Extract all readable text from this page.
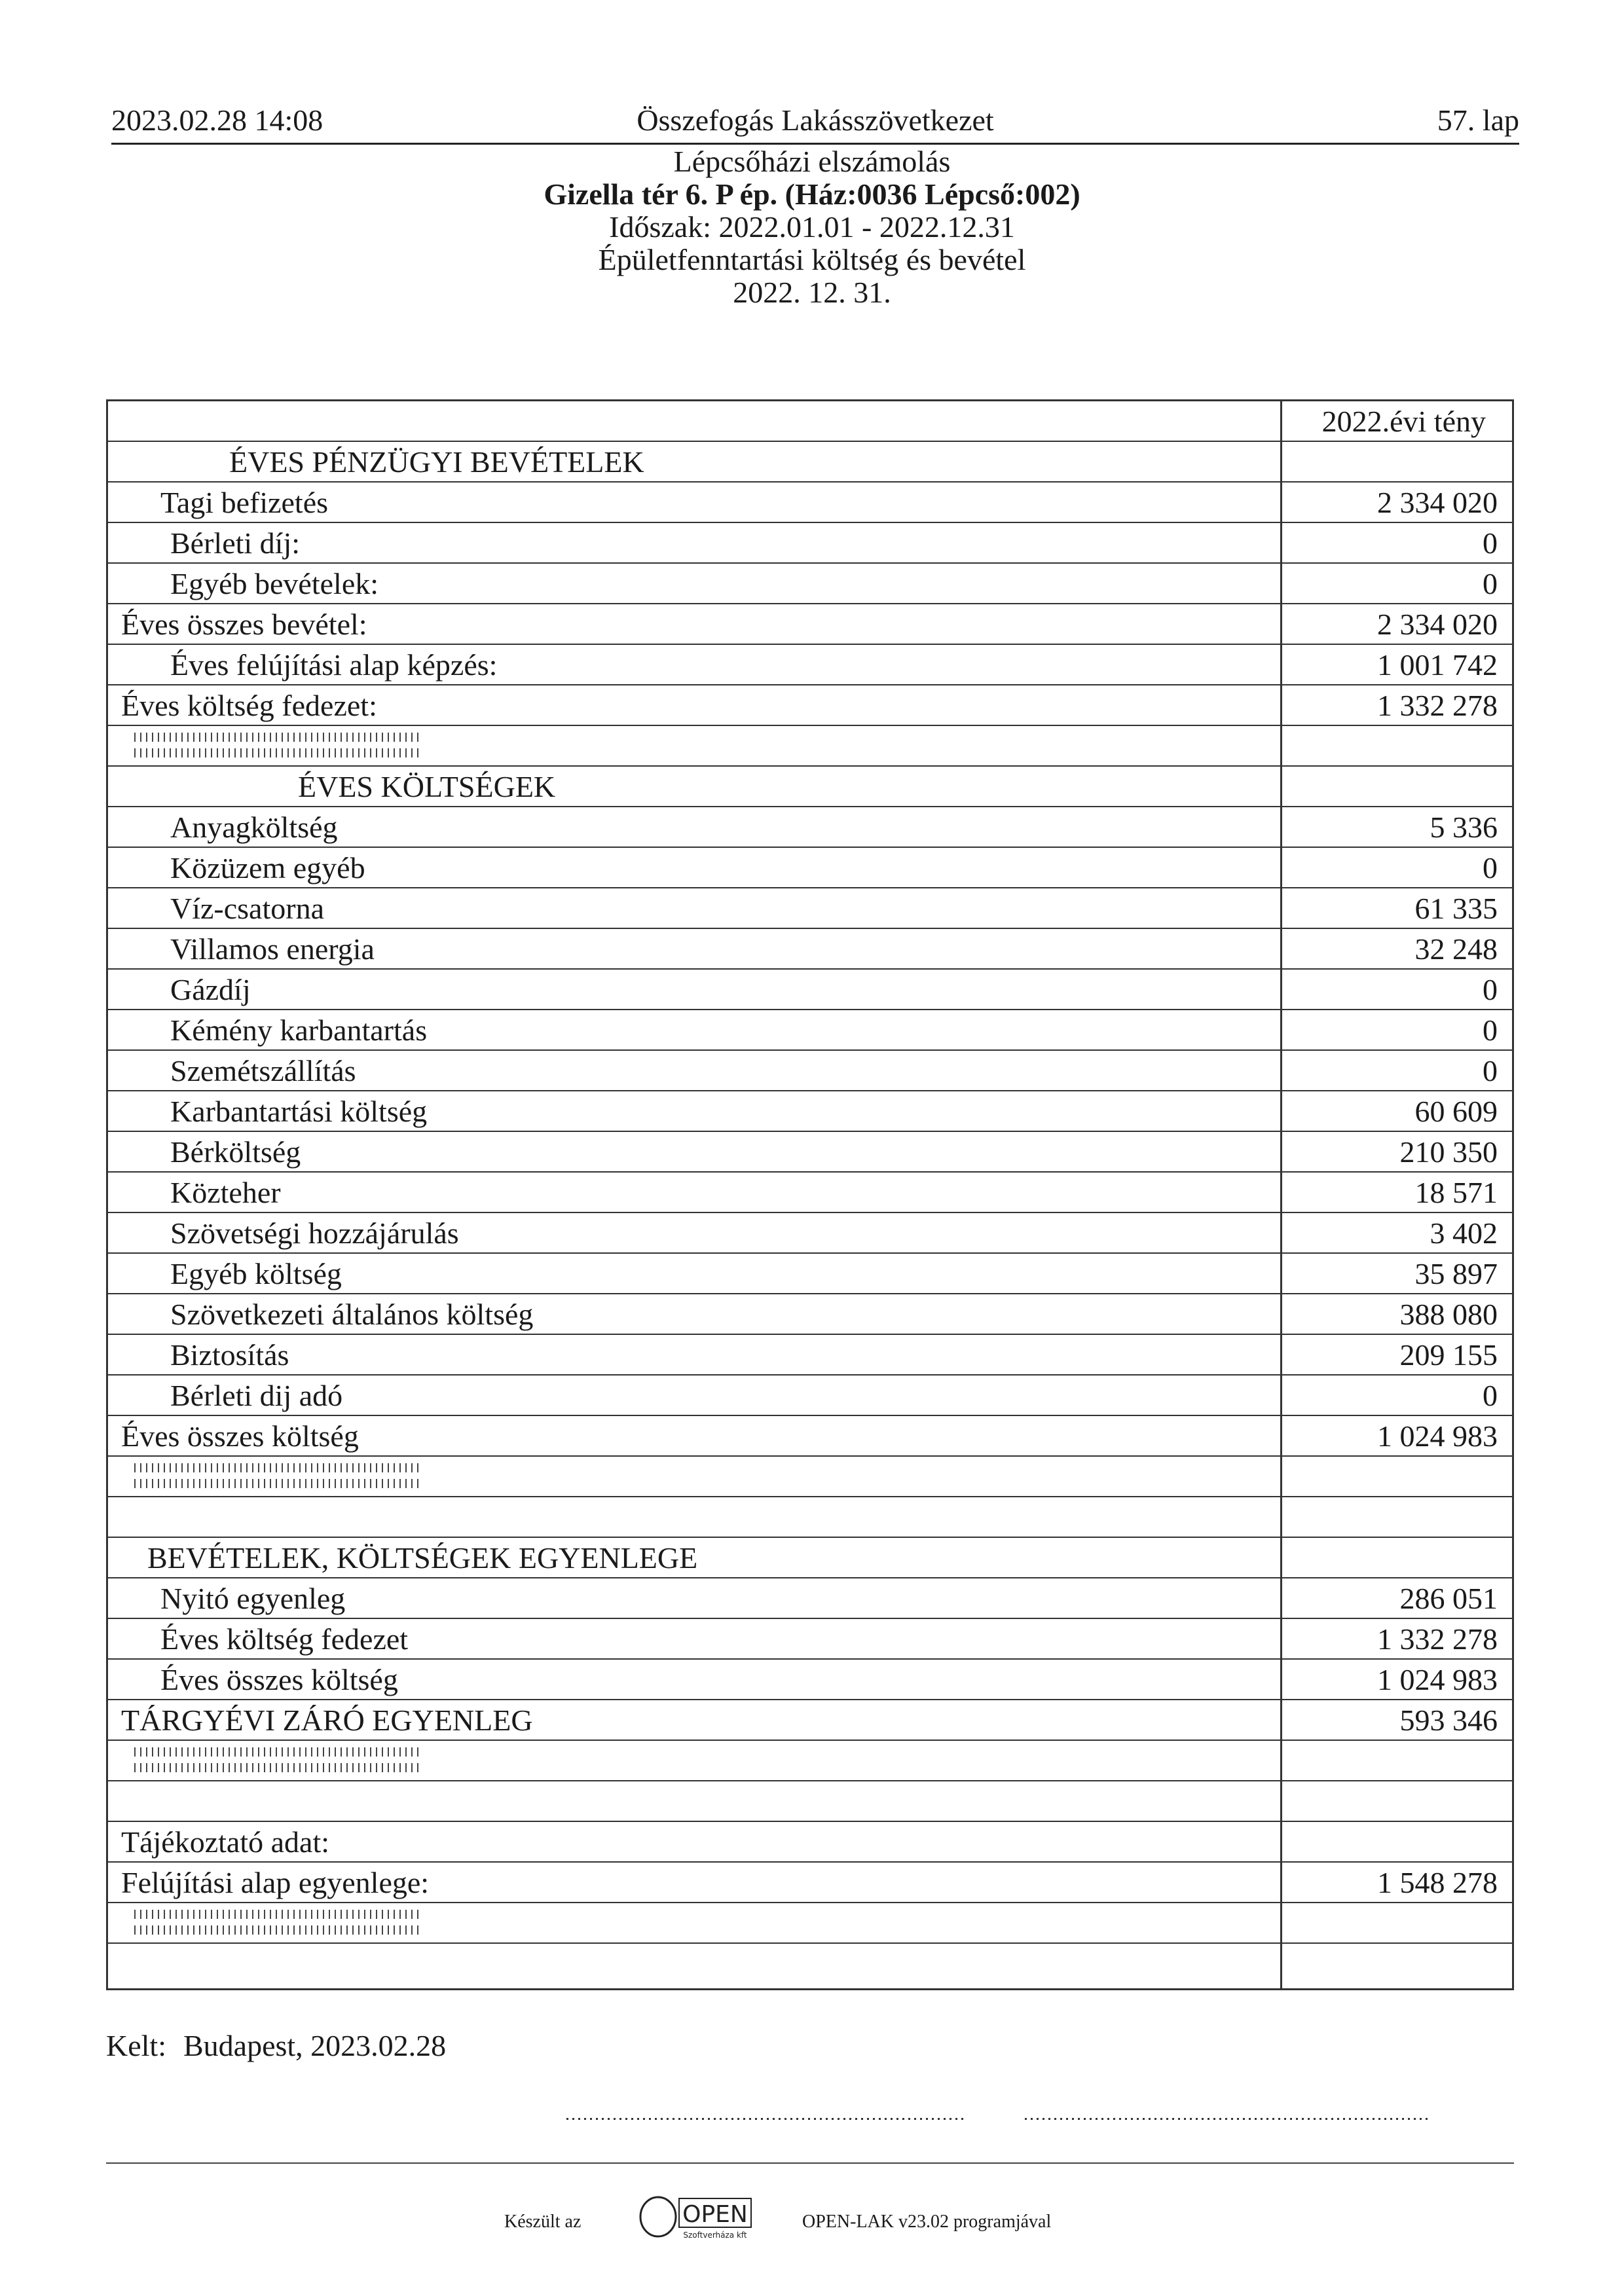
Összefogás Lakásszövetkezet
2023.02.28 14:08	57. lap
Lépcsőházi elszámolás
Gizella tér 6. P ép. (Ház:0036 Lépcső:002)
Időszak: 2022.01.01 - 2022.12.31
Épületfenntartási költség és bevétel
2022. 12. 31.
2022.évi tény
ÉVES PÉNZÜGYI BEVÉTELEK
Tagi befizetés	2 334 020
Bérleti díj:	0
Egyéb bevételek:	0
Éves összes bevétel:	2 334 020
Éves felújítási alap képzés:	1 001 742
Éves költség fedezet:	1 332 278
ÉVES KÖLTSÉGEK
Anyagköltség	5 336
Közüzem egyéb	0
Víz-csatorna	61 335
Villamos energia	32 248
Gázdíj	0
Kémény karbantartás	0
Szemétszállítás	0
Karbantartási költség	60 609
Bérköltség	210 350
Közteher	18 571
Szövetségi hozzájárulás	3 402
Egyéb költség	35 897
Szövetkezeti általános költség	388 080
Biztosítás	209 155
Bérleti dij adó	0
Éves összes költség	1 024 983
BEVÉTELEK, KÖLTSÉGEK EGYENLEGE
Nyitó egyenleg	286 051
Éves költség fedezet	1 332 278
Éves összes költség	1 024 983
TÁRGYÉVI ZÁRÓ EGYENLEG	593 346
Tájékoztató adat:
Felújítási alap egyenlege:	1 548 278
Kelt: Budapest, 2023.02.28
Készült az	OPEN
Szoftverháza kft
OPEN-LAK v23.02 programjával
